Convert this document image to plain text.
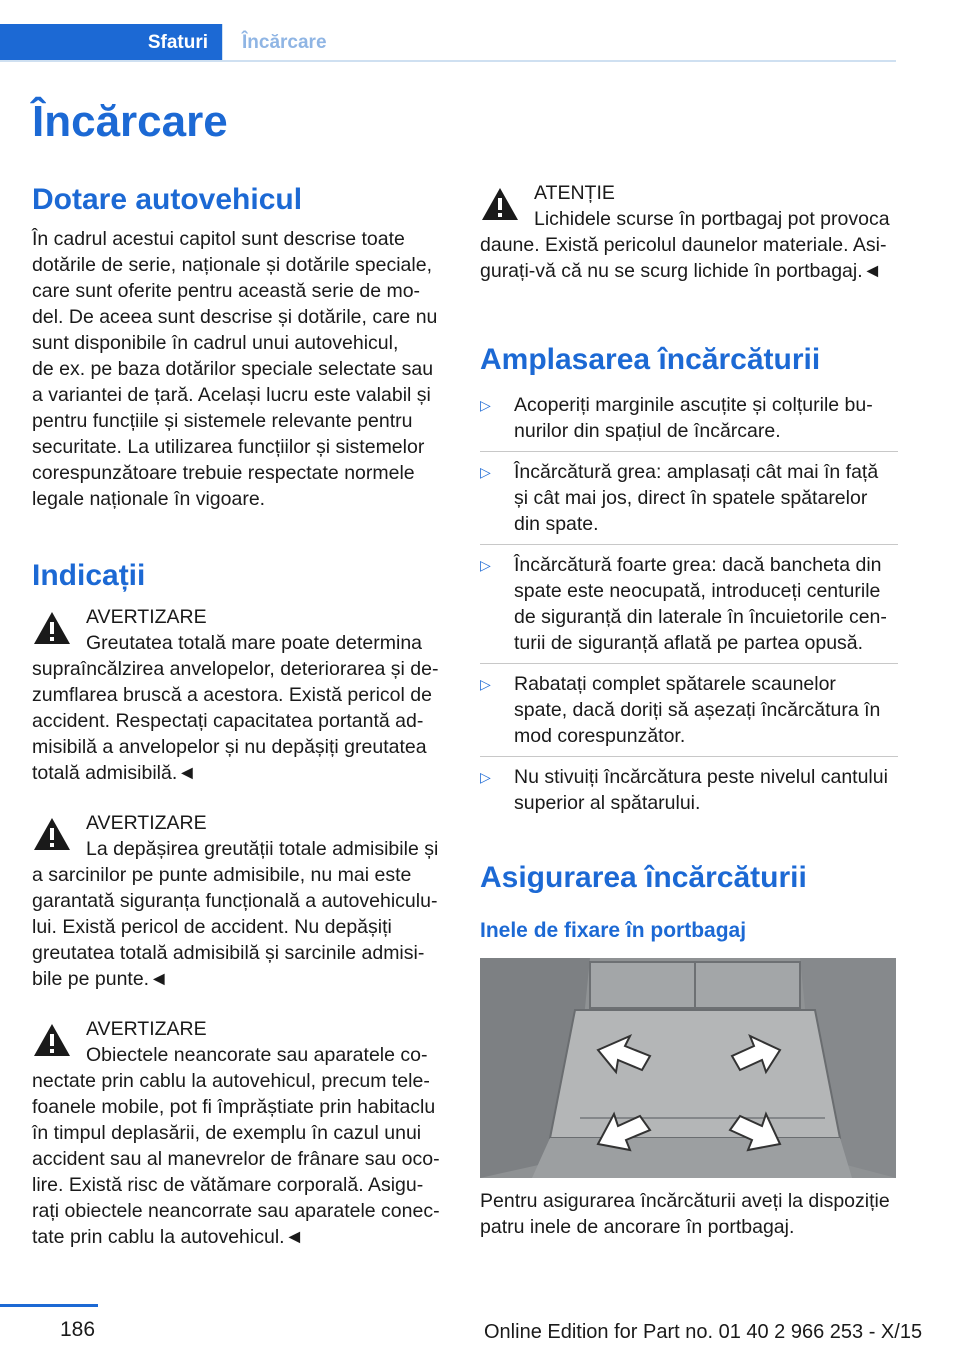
Sfaturi	Încărcare
Încărcare
Dotare autovehicul

În cadrul acestui capitol sunt descrise toate

dotările de serie, naționale și dotările speciale,

care sunt oferite pentru această serie de mo‐

del. De aceea sunt descrise și dotările, care nu

sunt disponibile în cadrul unui autovehicul,

de ex. pe baza dotărilor speciale selectate sau

a variantei de țară. Același lucru este valabil și

pentru funcțiile și sistemele relevante pentru

securitate. La utilizarea funcțiilor și sistemelor

corespunzătoare trebuie respectate normele

legale naționale în vigoare.

Indicații
AVERTIZARE
Greutatea totală mare poate determina

supraîncălzirea anvelopelor, deteriorarea și de‐

zumflarea bruscă a acestora. Există pericol de

accident. Respectați capacitatea portantă ad‐

misibilă a anvelopelor și nu depășiți greutatea

totală admisibilă.◄

AVERTIZARE
La depășirea greutății totale admisibile și

a sarcinilor pe punte admisibile, nu mai este

garantată siguranța funcțională a autovehiculu‐

lui. Există pericol de accident. Nu depășiți

greutatea totală admisibilă și sarcinile admisi‐

bile pe punte.◄

AVERTIZARE
Obiectele neancorate sau aparatele co‐

nectate prin cablu la autovehicul, precum tele‐

foanele mobile, pot fi împrăștiate prin habitaclu

în timpul deplasării, de exemplu în cazul unui

accident sau al manevrelor de frânare sau oco‐

lire. Există risc de vătămare corporală. Asigu‐

rați obiectele neancorrate sau aparatele conec‐

tate prin cablu la autovehicul.◄

ATENȚIE
Lichidele scurse în portbagaj pot provoca

daune. Există pericolul daunelor materiale. Asi‐

gurați-vă că nu se scurg lichide în portbagaj.◄

Amplasarea încărcăturii
▷ Acoperiți marginile ascuțite și colțurile bu‐
nurilor din spațiul de încărcare.
▷ Încărcătură grea: amplasați cât mai în față
și cât mai jos, direct în spatele spătarelor
din spate.
▷ Încărcătură foarte grea: dacă bancheta din
spate este neocupată, introduceți centurile
de siguranță din laterale în încuietorile cen‐
turii de siguranță aflată pe partea opusă.
▷ Rabatați complet spătarele scaunelor
spate, dacă doriți să așezați încărcătura în
mod corespunzător.
▷ Nu stivuiți încărcătura peste nivelul cantului
superior al spătarului.
Asigurarea încărcăturii
Inele de fixare în portbagaj

Pentru asigurarea încărcăturii aveți la dispoziție

patru inele de ancorare în portbagaj.

186	Online Edition for Part no. 01 40 2 966 253 - X/15
